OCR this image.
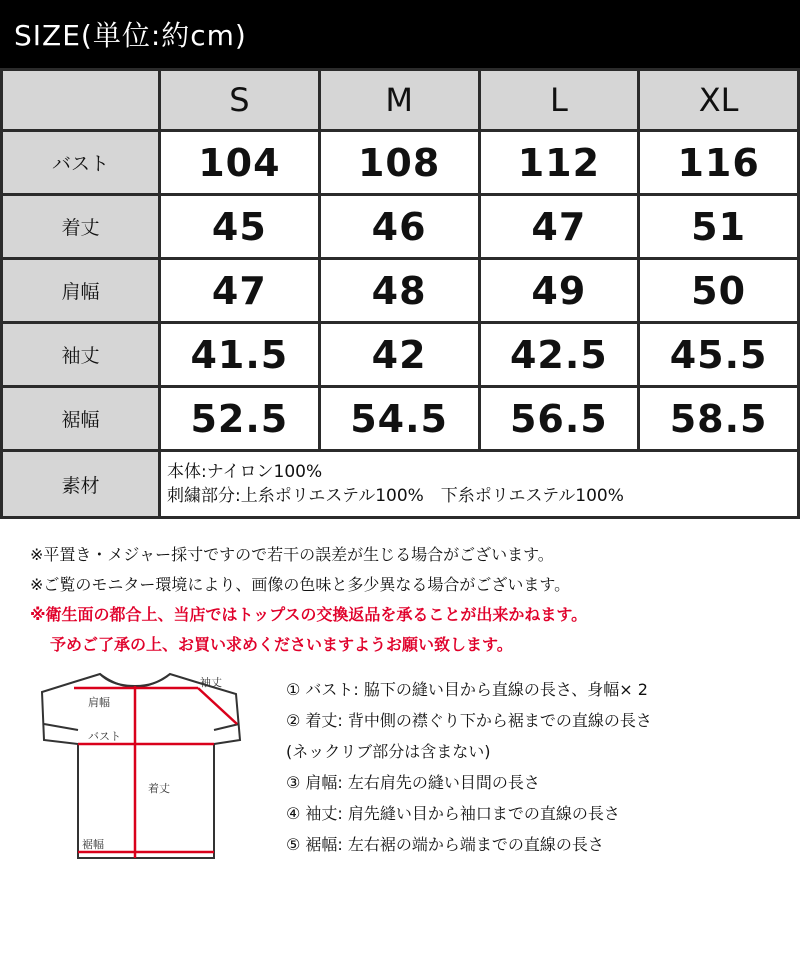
SIZE(単位:約cm)
	S	M	L	XL
バスト	104	108	112	116
着丈	45	46	47	51
肩幅	47	48	49	50
袖丈	41.5	42	42.5	45.5
裾幅	52.5	54.5	56.5	58.5
素材	本体:ナイロン100%
刺繍部分:上糸ポリエステル100%　下糸ポリエステル100%			
※平置き・メジャー採寸ですので若干の誤差が生じる場合がございます。
※ご覧のモニター環境により、画像の色味と多少異なる場合がございます。
※衛生面の都合上、当店ではトップスの交換返品を承ることが出来かねます。
予めご了承の上、お買い求めくださいますようお願い致します。
袖丈
肩幅
バスト
着丈
裾幅
① バスト: 脇下の縫い目から直線の長さ、身幅× 2
② 着丈: 背中側の襟ぐり下から裾までの直線の長さ
(ネックリブ部分は含まない)
③ 肩幅: 左右肩先の縫い目間の長さ
④ 袖丈: 肩先縫い目から袖口までの直線の長さ
⑤ 裾幅: 左右裾の端から端までの直線の長さ
